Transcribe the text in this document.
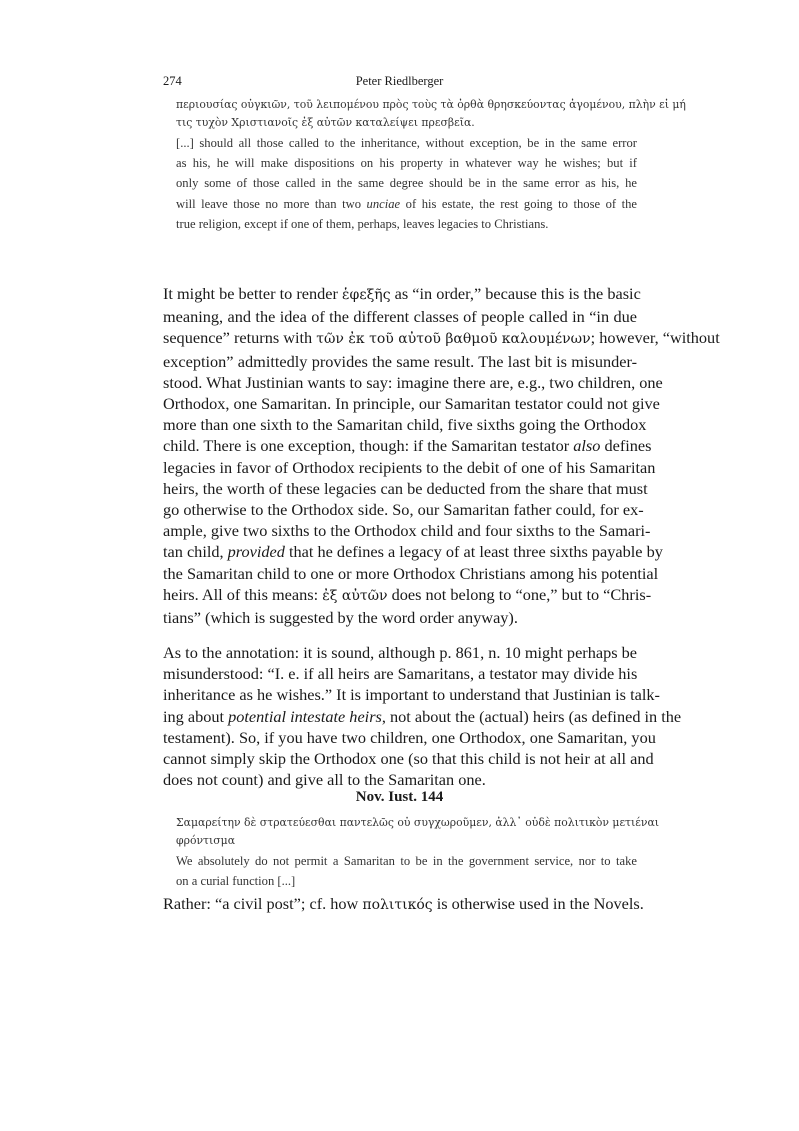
274	Peter Riedlberger
περιουσίας οὐγκιῶν, τοῦ λειπομένου πρὸς τοὺς τὰ ὀρθὰ θρησκεύοντας ἀγομένου, πλὴν εἰ μή
τις τυχὸν Χριστιανοῖς ἐξ αὐτῶν καταλείψει πρεσβεῖα.
[...] should all those called to the inheritance, without exception, be in the same error
as his, he will make dispositions on his property in whatever way he wishes; but if
only some of those called in the same degree should be in the same error as his, he
will leave those no more than two unciae of his estate, the rest going to those of the
true religion, except if one of them, perhaps, leaves legacies to Christians.
It might be better to render ἑφεξῆς as “in order,” because this is the basic
meaning, and the idea of the different classes of people called in “in due
sequence” returns with τῶν ἐκ τοῦ αὐτοῦ βαθμοῦ καλουμένων; however, “without
exception” admittedly provides the same result. The last bit is misunder-
stood. What Justinian wants to say: imagine there are, e.g., two children, one
Orthodox, one Samaritan. In principle, our Samaritan testator could not give
more than one sixth to the Samaritan child, five sixths going the Orthodox
child. There is one exception, though: if the Samaritan testator also defines
legacies in favor of Orthodox recipients to the debit of one of his Samaritan
heirs, the worth of these legacies can be deducted from the share that must
go otherwise to the Orthodox side. So, our Samaritan father could, for ex-
ample, give two sixths to the Orthodox child and four sixths to the Samari-
tan child, provided that he defines a legacy of at least three sixths payable by
the Samaritan child to one or more Orthodox Christians among his potential
heirs. All of this means: ἐξ αὐτῶν does not belong to “one,” but to “Chris-
tians” (which is suggested by the word order anyway).
As to the annotation: it is sound, although p. 861, n. 10 might perhaps be
misunderstood: “I. e. if all heirs are Samaritans, a testator may divide his
inheritance as he wishes.” It is important to understand that Justinian is talk-
ing about potential intestate heirs, not about the (actual) heirs (as defined in the
testament). So, if you have two children, one Orthodox, one Samaritan, you
cannot simply skip the Orthodox one (so that this child is not heir at all and
does not count) and give all to the Samaritan one.
Nov. Iust. 144
Σαμαρείτην δὲ στρατεύεσθαι παντελῶς οὐ συγχωροῦμεν, ἀλλ᾽ οὐδὲ πολιτικὸν μετιέναι
φρόντισμα
We absolutely do not permit a Samaritan to be in the government service, nor to take
on a curial function [...]
Rather: “a civil post”; cf. how πολιτικός is otherwise used in the Novels.
